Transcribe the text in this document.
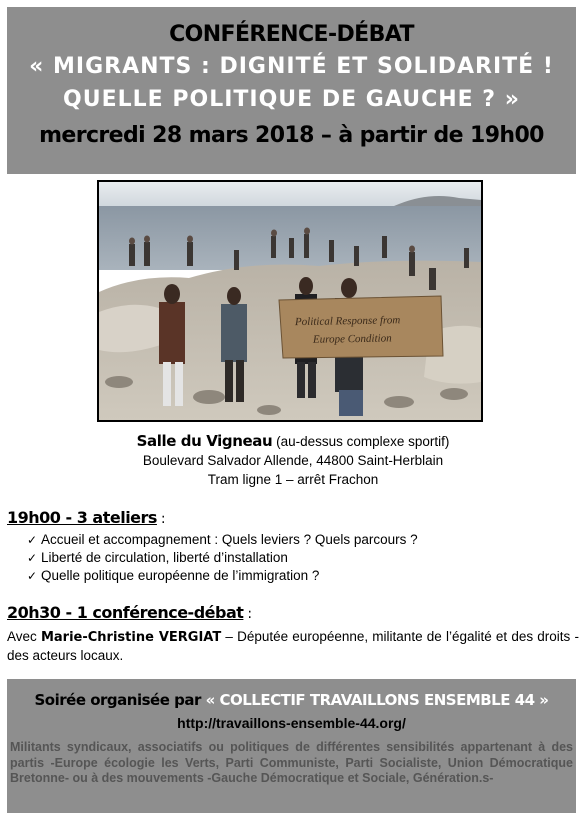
CONFÉRENCE-DÉBAT
« MIGRANTS : DIGNITÉ ET SOLIDARITÉ !
QUELLE POLITIQUE DE GAUCHE ? »
mercredi 28 mars 2018 – à partir de 19h00
Political Response from
Europe Condition
Salle du Vigneau (au-dessus complexe sportif)
Boulevard Salvador Allende, 44800 Saint-Herblain
Tram ligne 1 – arrêt Frachon
19h00 - 3 ateliers :
✓ Accueil et accompagnement : Quels leviers ? Quels parcours ?
✓ Liberté de circulation, liberté d’installation
✓ Quelle politique européenne de l’immigration ?
20h30 - 1 conférence-débat :
Avec Marie-Christine VERGIAT – Députée européenne, militante de l’égalité et des droits - des acteurs locaux.
Soirée organisée par « COLLECTIF TRAVAILLONS ENSEMBLE 44 »
http://travaillons-ensemble-44.org/
Militants syndicaux, associatifs ou politiques de différentes sensibilités appartenant à des partis -Europe écologie les Verts, Parti Communiste, Parti Socialiste, Union Démocratique Bretonne- ou à des mouvements -Gauche Démocratique et Sociale, Génération.s-
